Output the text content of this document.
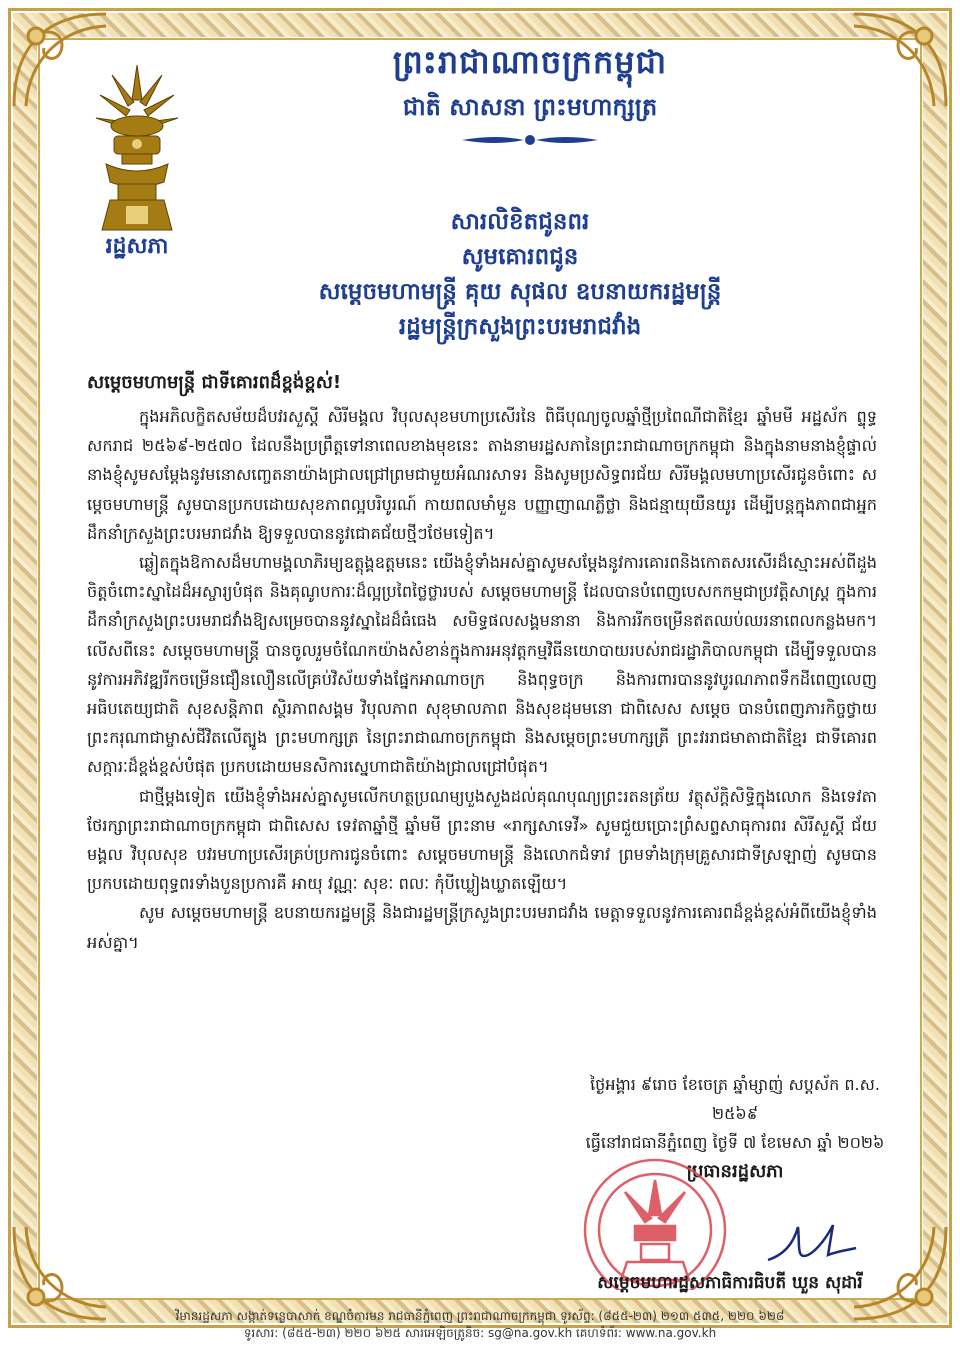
រដ្ឋសភា
ព្រះរាជាណាចក្រកម្ពុជា
ជាតិ សាសនា ព្រះមហាក្សត្រ
សារលិខិតជូនពរ
សូមគោរពជូន
សម្តេចមហាមន្ត្រី គុយ សុផល ឧបនាយករដ្ឋមន្ត្រី
រដ្ឋមន្ត្រីក្រសួងព្រះបរមរាជវាំង
សម្តេចមហាមន្ត្រី ជាទីគោរពដ៏ខ្ពង់ខ្ពស់!

ក្នុងអភិលក្ខិតសម័យដ៏បវរសួស្តី សិរីមង្គល វិបុលសុខមហាប្រសើរនៃ ពិធីបុណ្យចូលឆ្នាំថ្មីប្រពៃណីជាតិខ្មែរ ឆ្នាំមមី អដ្ឋស័ក ព្ទុទ្ធសករាជ ២៥៦៩-២៥៧០ ដែលនឹងប្រព្រឹត្តទៅនាពេលខាងមុខនេះ តាងនាមរដ្ឋសភានៃព្រះរាជាណាចក្រកម្ពុជា និងក្នុងនាមនាងខ្ញុំផ្ទាល់ នាងខ្ញុំសូមសម្តែងនូវមនោសញ្ចេតនាយ៉ាងជ្រាលជ្រៅព្រមជាមួយអំណរសាទរ និងសូមប្រសិទ្ធពរជ័យ សិរីមង្គលមហាប្រសើរជូនចំពោះ សម្តេចមហាមន្ត្រី សូមបានប្រកបដោយសុខភាពល្អបរិបូរណ៍ កាយពលមាំមួន បញ្ញាញាណភ្លឺថ្លា និងជន្មាយុយឺនយូរ ដើម្បីបន្តក្នុងភាពជាអ្នកដឹកនាំក្រសួងព្រះបរមរាជវាំង ឱ្យទទួលបាននូវជោគជ័យថ្មីៗថែមទៀត។

ឆ្លៀតក្នុងឱកាសដ៏មហាមង្គលាភិរម្យឧត្តុង្គឧត្តមនេះ យើងខ្ញុំទាំងអស់គ្នាសូមសម្តែងនូវការគោរពនិងកោតសរសើរដ៏ស្មោះអស់ពីដួងចិត្តចំពោះស្នាដៃដ៏អស្ចារ្យបំផុត និងគុណូបការៈដ៏ល្អប្រពៃថ្លៃថ្លារបស់ សម្តេចមហាមន្ត្រី ដែលបានបំពេញបេសកកម្មជាប្រវត្តិសាស្ត្រ ក្នុងការដឹកនាំក្រសួងព្រះបរមរាជវាំងឱ្យសម្រេចបាននូវស្នាដៃដ៏ធំធេង សមិទ្ធផលសង្គមនានា និងការរីកចម្រើនឥតឈប់ឈរនាពេលកន្លងមក។ លើសពីនេះ សម្តេចមហាមន្ត្រី បានចូលរួមចំណែកយ៉ាងសំខាន់ក្នុងការអនុវត្តកម្មវិធីនយោបាយរបស់រាជរដ្ឋាភិបាលកម្ពុជា ដើម្បីទទួលបាននូវការអភិវឌ្ឍរីកចម្រើនជឿនលឿនលើគ្រប់វិស័យទាំងផ្នែកអាណាចក្រ និងពុទ្ធចក្រ និងការពារបាននូវបូរណភាពទឹកដីពេញលេញ អធិបតេយ្យជាតិ សុខសន្តិភាព ស្ថិរភាពសង្គម វិបុលភាព សុខុមាលភាព និងសុខដុមមនោ ជាពិសេស សម្តេច បានបំពេញភារកិច្ចថ្វាយ ព្រះករុណាជាម្ចាស់ជីវិតលើត្បូង ព្រះមហាក្សត្រ នៃព្រះរាជាណាចក្រកម្ពុជា និងសម្តេចព្រះមហាក្សត្រី ព្រះវររាជមាតាជាតិខ្មែរ ជាទីគោរពសក្ការៈដ៏ខ្ពង់ខ្ពស់បំផុត ប្រកបដោយមនសិការស្នេហាជាតិយ៉ាងជ្រាលជ្រៅបំផុត។

ជាថ្មីម្តងទៀត យើងខ្ញុំទាំងអស់គ្នាសូមលើកហត្ថប្រណម្យបួងសួងដល់គុណបុណ្យព្រះរតនត្រ័យ វត្ថុស័ក្តិសិទ្ធិក្នុងលោក និងទេវតាថែរក្សាព្រះរាជាណាចក្រកម្ពុជា ជាពិសេស ទេវតាឆ្នាំថ្មី ឆ្នាំមមី ព្រះនាម «រាក្សសាទេវី» សូមជួយប្រោះព្រំសព្ទសាធុការពរ សិរីសួស្តី ជ័យមង្គល វិបុលសុខ បវរមហាប្រសើរគ្រប់ប្រការជូនចំពោះ សម្តេចមហាមន្ត្រី និងលោកជំទាវ ព្រមទាំងក្រុមគ្រួសារជាទីស្រឡាញ់ សូមបានប្រកបដោយពុទ្ធពរទាំងបួនប្រការគឺ អាយុ វណ្ណៈ សុខៈ ពលៈ កុំបីឃ្លៀងឃ្លាតឡើយ។

សូម សម្តេចមហាមន្ត្រី ឧបនាយករដ្ឋមន្ត្រី និងជារដ្ឋមន្ត្រីក្រសួងព្រះបរមរាជវាំង មេត្តាទទួលនូវការគោរពដ៏ខ្ពង់ខ្ពស់អំពីយើងខ្ញុំទាំងអស់គ្នា។

ថ្ងៃអង្គារ ៩រោច ខែចេត្រ ឆ្នាំម្សាញ់ សប្តស័ក ព.ស. ២៥៦៩
ធ្វើនៅរាជធានីភ្នំពេញ ថ្ងៃទី ៧ ខែមេសា ឆ្នាំ ២០២៦
ប្រធានរដ្ឋសភា
សម្តេចមហារដ្ឋសភាធិការធិបតី ឃួន សុដារី
វិមានរដ្ឋសភា សង្កាត់ទន្លេបាសាក់ ខណ្ឌចំការមន រាជធានីភ្នំពេញ ព្រះរាជាណាចក្រកម្ពុជា ទូរស័ព្ទ: (៨៥៥-២៣) ២១៣ ៥៣៥, ២២០ ៦២៨
ទូរសារ: (៨៥៥-២៣) ២២០ ៦២៥ សារអេឡិចត្រូនិច: sg@na.gov.kh គេហទំព័រ: www.na.gov.kh
